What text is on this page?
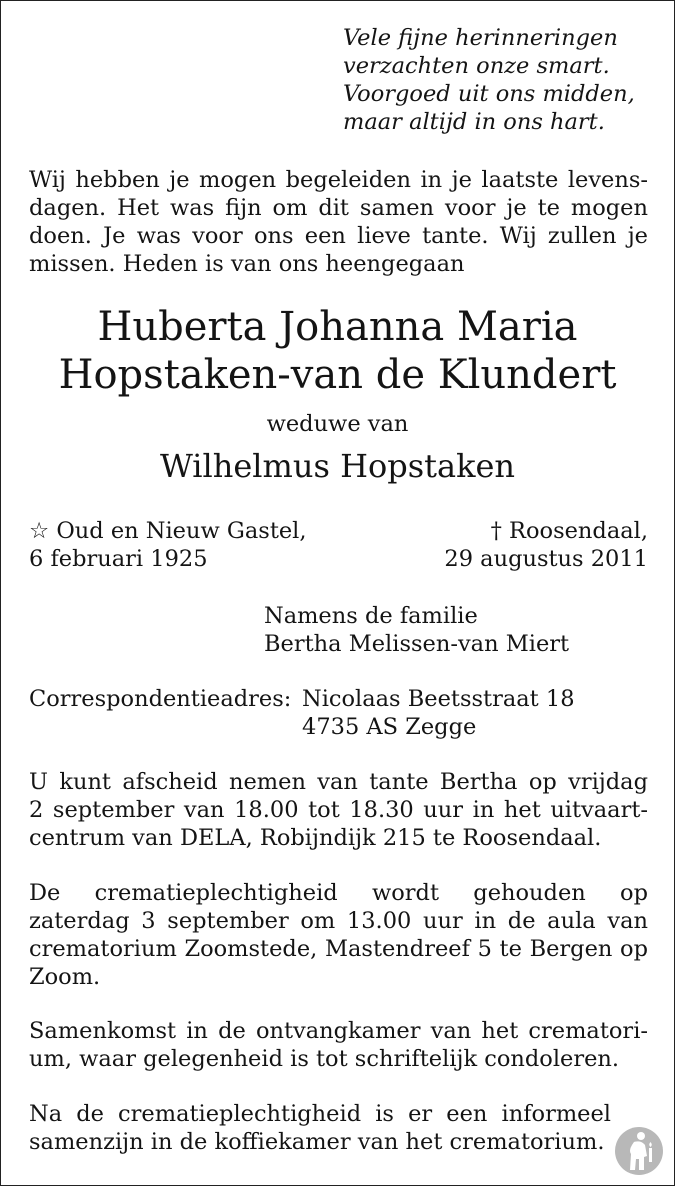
Vele fijne herinneringen
verzachten onze smart.
Voorgoed uit ons midden,
maar altijd in ons hart.
Wij hebben je mogen begeleiden in je laatste levens-
dagen. Het was fijn om dit samen voor je te mogen
doen. Je was voor ons een lieve tante. Wij zullen je
missen. Heden is van ons heengegaan
Huberta Johanna Maria
Hopstaken-van de Klundert
weduwe van
Wilhelmus Hopstaken
☆ Oud en Nieuw Gastel,
6 februari 1925
† Roosendaal,
29 augustus 2011
Namens de familie
Bertha Melissen-van Miert
Correspondentieadres: Nicolaas Beetsstraat 18
4735 AS Zegge
U kunt afscheid nemen van tante Bertha op vrijdag
2 september van 18.00 tot 18.30 uur in het uitvaart-
centrum van DELA, Robijndijk 215 te Roosendaal.
De crematieplechtigheid wordt gehouden op
zaterdag 3 september om 13.00 uur in de aula van
crematorium Zoomstede, Mastendreef 5 te Bergen op
Zoom.
Samenkomst in de ontvangkamer van het crematori-
um, waar gelegenheid is tot schriftelijk condoleren.
Na de crematieplechtigheid is er een informeel
samenzijn in de koffiekamer van het crematorium.
